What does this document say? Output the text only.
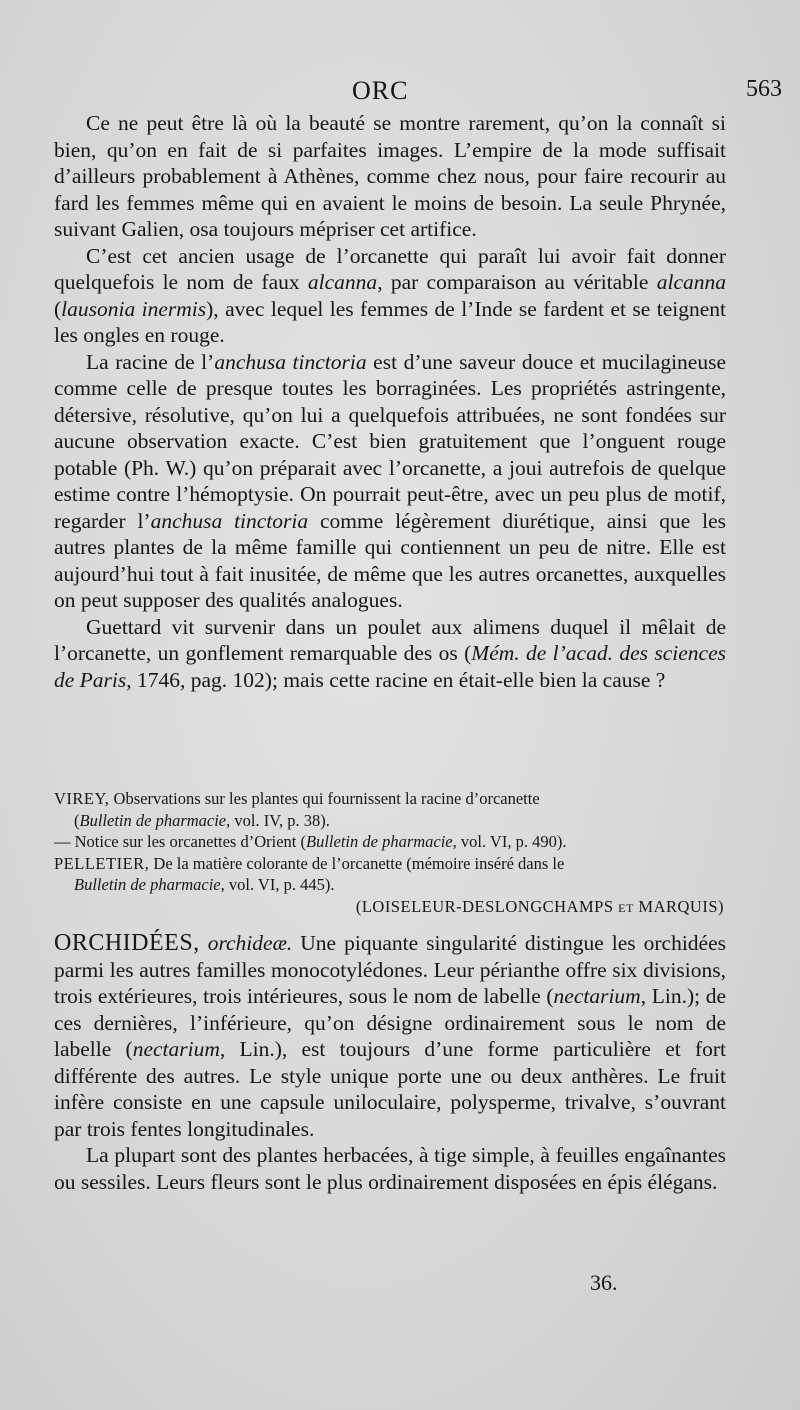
ORC	563

Ce ne peut être là où la beauté se montre rarement, qu’on la connaît si bien, qu’on en fait de si parfaites images. L’empire de la mode suffisait d’ailleurs probablement à Athènes, comme chez nous, pour faire recourir au fard les femmes même qui en avaient le moins de besoin. La seule Phrynée, suivant Galien, osa toujours mépriser cet artifice.

C’est cet ancien usage de l’orcanette qui paraît lui avoir fait donner quelquefois le nom de faux alcanna, par comparaison au véritable alcanna (lausonia inermis), avec lequel les femmes de l’Inde se fardent et se teignent les ongles en rouge.

La racine de l’anchusa tinctoria est d’une saveur douce et mucilagineuse comme celle de presque toutes les borraginées. Les propriétés astringente, détersive, résolutive, qu’on lui a quelquefois attribuées, ne sont fondées sur aucune observation exacte. C’est bien gratuitement que l’onguent rouge potable (Ph. W.) qu’on préparait avec l’orcanette, a joui autrefois de quelque estime contre l’hémoptysie. On pourrait peut-être, avec un peu plus de motif, regarder l’anchusa tinctoria comme légèrement diurétique, ainsi que les autres plantes de la même famille qui contiennent un peu de nitre. Elle est aujourd’hui tout à fait inusitée, de même que les autres orcanettes, auxquelles on peut supposer des qualités analogues.

Guettard vit survenir dans un poulet aux alimens duquel il mêlait de l’orcanette, un gonflement remarquable des os (Mém. de l’acad. des sciences de Paris, 1746, pag. 102); mais cette racine en était-elle bien la cause ?

VIREY, Observations sur les plantes qui fournissent la racine d’orcanette

(Bulletin de pharmacie, vol. IV, p. 38).

— Notice sur les orcanettes d’Orient (Bulletin de pharmacie, vol. VI, p. 490).

PELLETIER, De la matière colorante de l’orcanette (mémoire inséré dans le

Bulletin de pharmacie, vol. VI, p. 445).

(LOISELEUR-DESLONGCHAMPS et MARQUIS)

ORCHIDÉES, orchideæ. Une piquante singularité distingue les orchidées parmi les autres familles monocotylédones. Leur périanthe offre six divisions, trois extérieures, trois intérieures, sous le nom de labelle (nectarium, Lin.); de ces dernières, l’inférieure, qu’on désigne ordinairement sous le nom de labelle (nectarium, Lin.), est toujours d’une forme particulière et fort différente des autres. Le style unique porte une ou deux anthères. Le fruit infère consiste en une capsule uniloculaire, polysperme, trivalve, s’ouvrant par trois fentes longitudinales.

La plupart sont des plantes herbacées, à tige simple, à feuilles engaînantes ou sessiles. Leurs fleurs sont le plus ordinairement disposées en épis élégans.

36.
